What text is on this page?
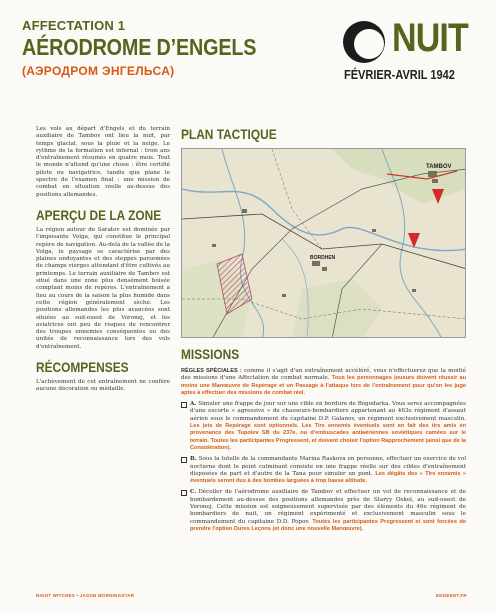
AFFECTATION 1
AÉRODROME D’ENGELS
(АЭРОДРОМ ЭНГЕЛЬСА)
NUIT
FÉVRIER-AVRIL 1942

Les vols au départ d'Engels et du terrain auxiliaire de Tambov ont lieu la nuit, par temps glacial, sous la pluie et la neige. Le rythme de la formation est infernal : trois ans d'entraînement résumés en quatre mois. Tout le monde n'attend qu'une chose : être certifié pilote ou navigatrice, tandis que plane le spectre de l'examen final : une mission de combat en situation réelle au-dessus des positions allemandes.

APERÇU DE LA ZONE

La région autour de Saratov est dominée par l'imposante Volga, qui constitue le principal repère de navigation. Au-delà de la vallée de la Volga, le paysage se caractérise par des plaines ondoyantes et des steppes parsemées de champs vierges attendant d'être cultivés au printemps. Le terrain auxiliaire de Tambov est situé dans une zone plus densément boisée comptant moins de repères. L'entraînement a lieu au cours de la saison la plus humide dans cette région généralement sèche. Les positions allemandes les plus avancées sont situées au sud-ouest de Voronej, et les aviatrices ont peu de risques de rencontrer des troupes ennemies conséquentes ou des unités de reconnaissance lors des vols d'entraînement.

RÉCOMPENSES

L'achèvement de cet entraînement ne confère aucune décoration ou médaille.

PLAN TACTIQUE
TAMBOV
BORDHEN
MISSIONS

RÈGLES SPÉCIALES : comme il s'agit d'un entraînement accéléré, vous n'effectuerez que la moitié des missions d'une Affectation de combat normale. Tous les personnages joueurs doivent réussir au moins une Manœuvre de Repérage et un Passage à l'attaque lors de l'entraînement pour qu'on les juge aptes à effectuer des missions de combat réel.

A. Simuler une frappe de jour sur une cible en bordure de Bogodarka. Vous serez accompagnées d'une escorte « agressive » de chasseurs-bombardiers appartenant au 463e régiment d'assaut aérien sous le commandement du capitaine D.P. Galanov, un régiment exclusivement masculin. Les jets de Repérage sont optionnels. Les Tirs ennemis éventuels sont en fait des tirs amis en provenance des Tupolev SB du 237e, ou d'embuscades antiaériennes soviétiques camées sur le terrain. Toutes les participantes Progressent, et doivent choisir l'option Rapprochement (ainsi que de la Considération).

B. Sous la tutelle de la commandante Marina Raskova en personne, effectuer un exercice de vol nocturne dont le point culminant consiste en une frappe réelle sur des cibles d'entraînement disposées de part et d'autre de la Tana pour simuler un pont. Les dégâts des « Tirs ennemis » éventuels seront dus à des bombes larguées à trop basse altitude.

C. Décoller de l'aérodrome auxiliaire de Tambov et effectuer un vol de reconnaissance et de bombardement au-dessus des positions allemandes près de Staryy Oskol, au sud-ouest de Voronej. Cette mission est soigneusement supervisée par des éléments du 46e régiment de bombardiers de nuit, un régiment expérimenté et exclusivement masculin sous le commandement du capitaine D.D. Popov. Toutes les participantes Progressent et sont forcées de prendre l'option Dures Leçons (et donc une nouvelle Manœuvre).

NIGHT WITCHES • JASON MORNINGSTAR	EDGEENT.FR
